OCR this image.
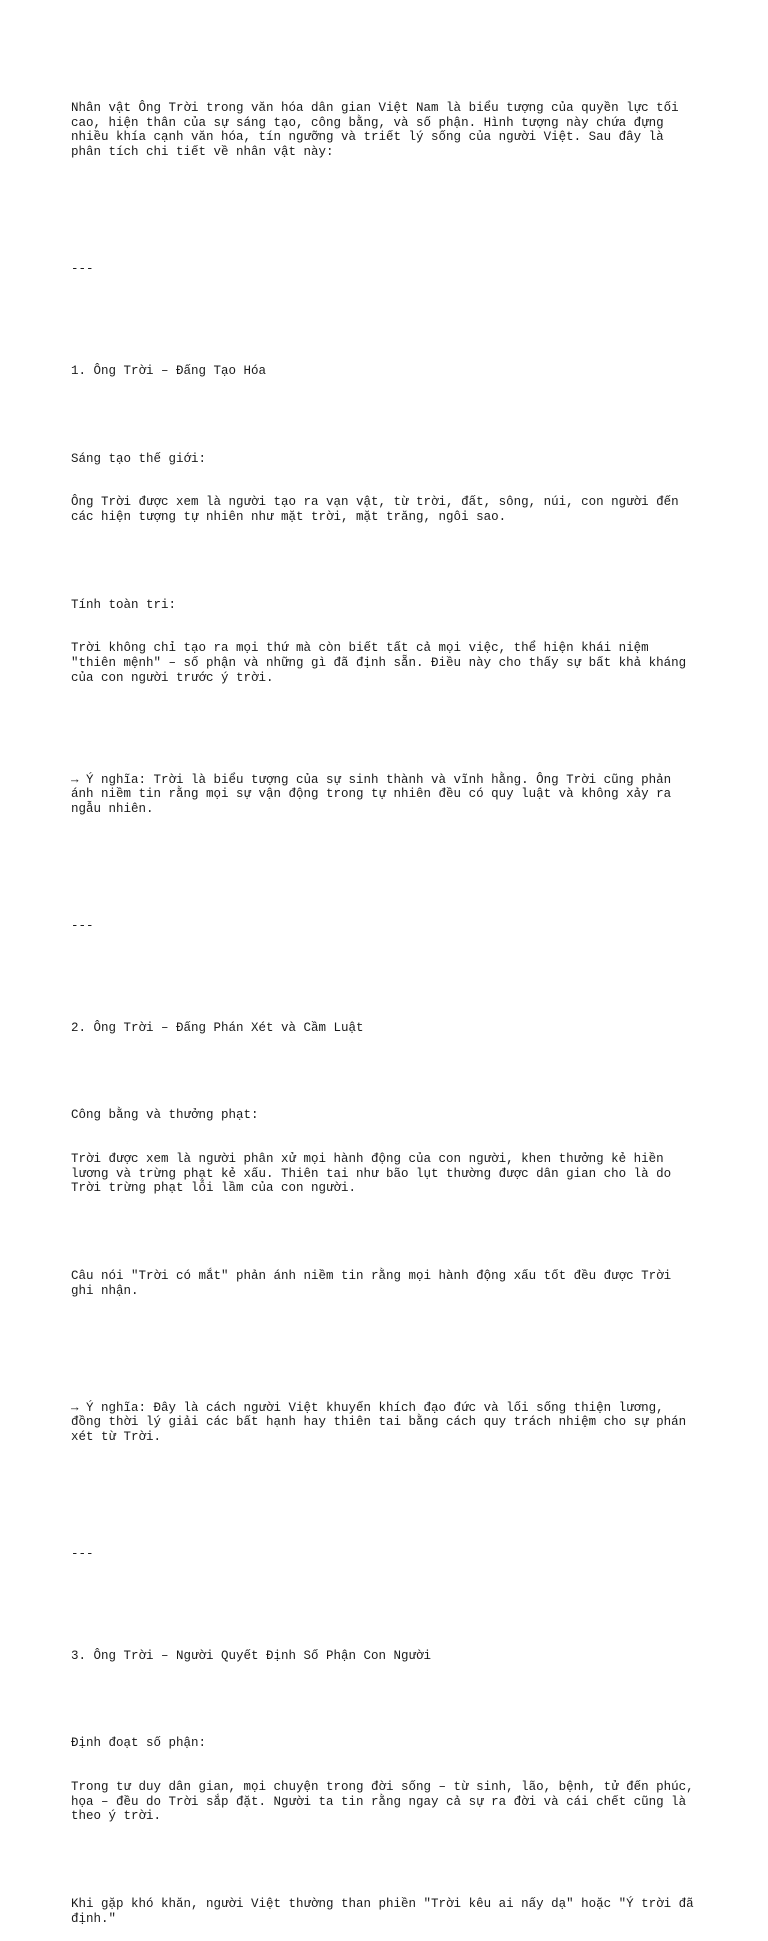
Nhân vật Ông Trời trong văn hóa dân gian Việt Nam là biểu tượng của quyền lực tối
cao, hiện thân của sự sáng tạo, công bằng, và số phận. Hình tượng này chứa đựng
nhiều khía cạnh văn hóa, tín ngưỡng và triết lý sống của người Việt. Sau đây là
phân tích chi tiết về nhân vật này:

---

1. Ông Trời – Đấng Tạo Hóa

Sáng tạo thế giới:

Ông Trời được xem là người tạo ra vạn vật, từ trời, đất, sông, núi, con người đến
các hiện tượng tự nhiên như mặt trời, mặt trăng, ngôi sao.

Tính toàn tri:

Trời không chỉ tạo ra mọi thứ mà còn biết tất cả mọi việc, thể hiện khái niệm
"thiên mệnh" – số phận và những gì đã định sẵn. Điều này cho thấy sự bất khả kháng
của con người trước ý trời.

→ Ý nghĩa: Trời là biểu tượng của sự sinh thành và vĩnh hằng. Ông Trời cũng phản
ánh niềm tin rằng mọi sự vận động trong tự nhiên đều có quy luật và không xảy ra
ngẫu nhiên.

---

2. Ông Trời – Đấng Phán Xét và Cầm Luật

Công bằng và thưởng phạt:

Trời được xem là người phân xử mọi hành động của con người, khen thưởng kẻ hiền
lương và trừng phạt kẻ xấu. Thiên tai như bão lụt thường được dân gian cho là do
Trời trừng phạt lỗi lầm của con người.

Câu nói "Trời có mắt" phản ánh niềm tin rằng mọi hành động xấu tốt đều được Trời
ghi nhận.

→ Ý nghĩa: Đây là cách người Việt khuyến khích đạo đức và lối sống thiện lương,
đồng thời lý giải các bất hạnh hay thiên tai bằng cách quy trách nhiệm cho sự phán
xét từ Trời.

---

3. Ông Trời – Người Quyết Định Số Phận Con Người

Định đoạt số phận:

Trong tư duy dân gian, mọi chuyện trong đời sống – từ sinh, lão, bệnh, tử đến phúc,
họa – đều do Trời sắp đặt. Người ta tin rằng ngay cả sự ra đời và cái chết cũng là
theo ý trời.

Khi gặp khó khăn, người Việt thường than phiền "Trời kêu ai nấy dạ" hoặc "Ý trời đã
định."
